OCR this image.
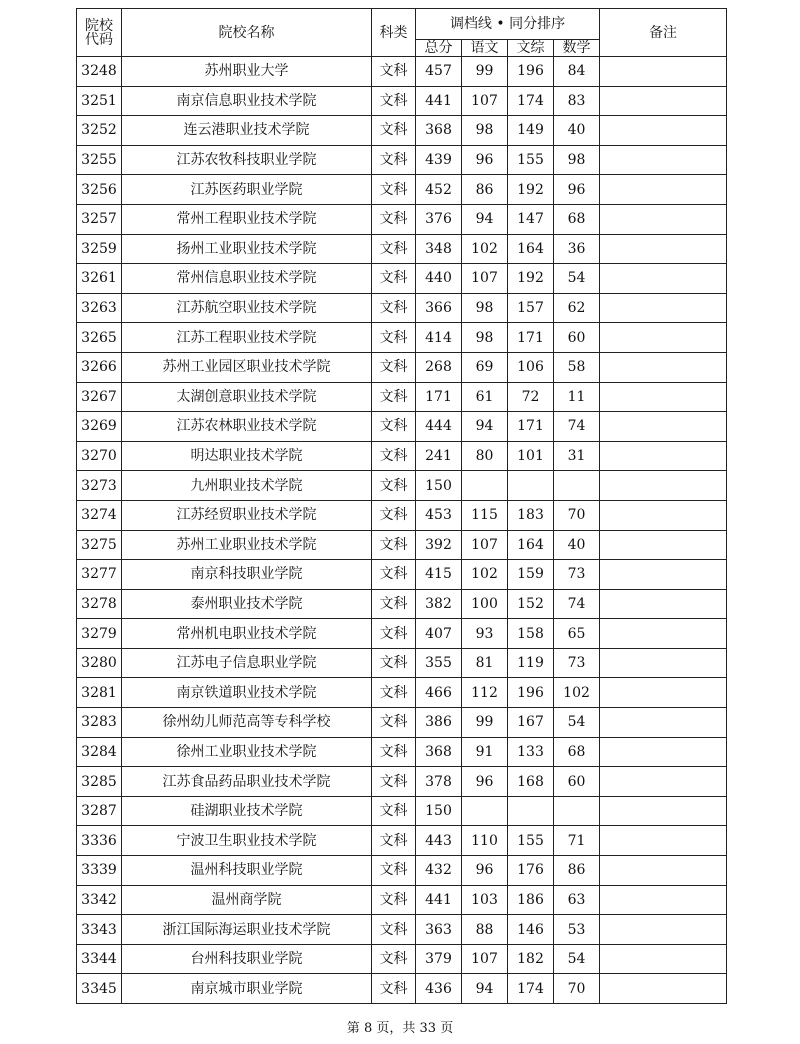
院校
代码	院校名称	科类	调档线 • 同分排序				备注
			总分	语文	文综	数学	
3248	苏州职业大学	文科	457	99	196	84	
3251	南京信息职业技术学院	文科	441	107	174	83	
3252	连云港职业技术学院	文科	368	98	149	40	
3255	江苏农牧科技职业学院	文科	439	96	155	98	
3256	江苏医药职业学院	文科	452	86	192	96	
3257	常州工程职业技术学院	文科	376	94	147	68	
3259	扬州工业职业技术学院	文科	348	102	164	36	
3261	常州信息职业技术学院	文科	440	107	192	54	
3263	江苏航空职业技术学院	文科	366	98	157	62	
3265	江苏工程职业技术学院	文科	414	98	171	60	
3266	苏州工业园区职业技术学院	文科	268	69	106	58	
3267	太湖创意职业技术学院	文科	171	61	72	11	
3269	江苏农林职业技术学院	文科	444	94	171	74	
3270	明达职业技术学院	文科	241	80	101	31	
3273	九州职业技术学院	文科	150				
3274	江苏经贸职业技术学院	文科	453	115	183	70	
3275	苏州工业职业技术学院	文科	392	107	164	40	
3277	南京科技职业学院	文科	415	102	159	73	
3278	泰州职业技术学院	文科	382	100	152	74	
3279	常州机电职业技术学院	文科	407	93	158	65	
3280	江苏电子信息职业学院	文科	355	81	119	73	
3281	南京铁道职业技术学院	文科	466	112	196	102	
3283	徐州幼儿师范高等专科学校	文科	386	99	167	54	
3284	徐州工业职业技术学院	文科	368	91	133	68	
3285	江苏食品药品职业技术学院	文科	378	96	168	60	
3287	硅湖职业技术学院	文科	150				
3336	宁波卫生职业技术学院	文科	443	110	155	71	
3339	温州科技职业学院	文科	432	96	176	86	
3342	温州商学院	文科	441	103	186	63	
3343	浙江国际海运职业技术学院	文科	363	88	146	53	
3344	台州科技职业学院	文科	379	107	182	54	
3345	南京城市职业学院	文科	436	94	174	70	
第 8 页，共 33 页
